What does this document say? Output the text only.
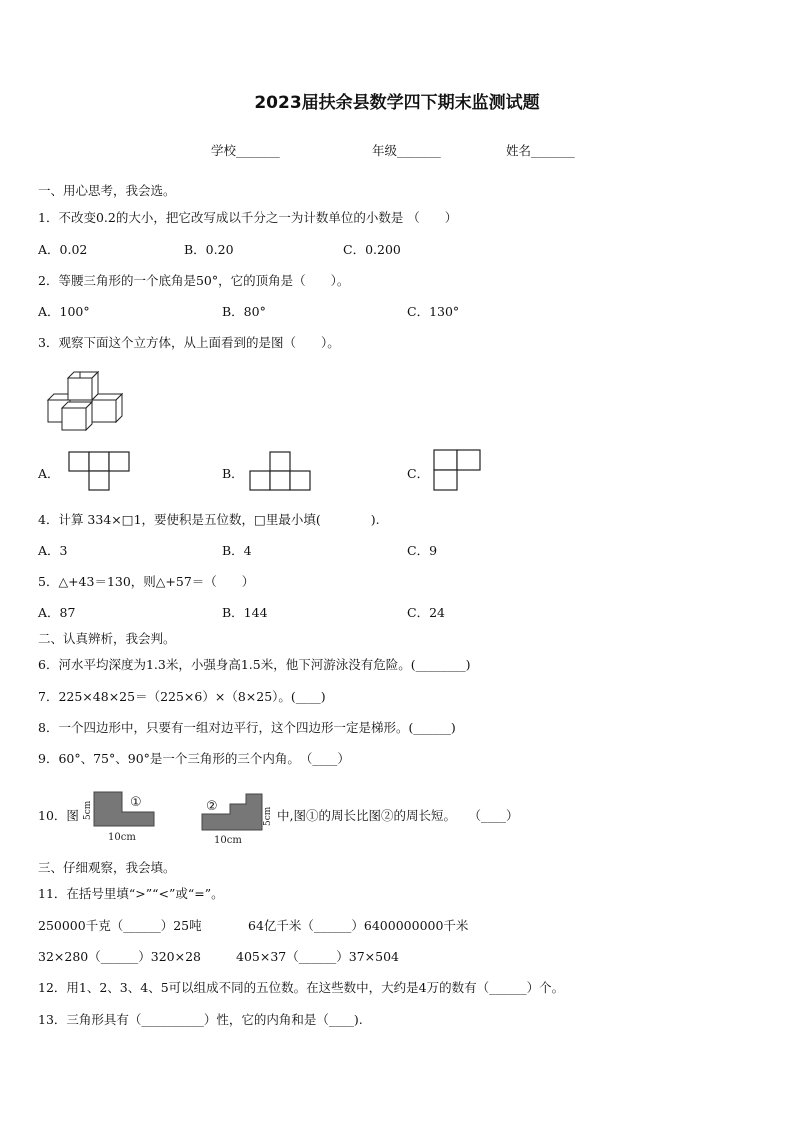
2023届扶余县数学四下期末监测试题
学校_______	年级_______	姓名_______
一、用心思考，我会选。
1．不改变0.2的大小，把它改写成以千分之一为计数单位的小数是 （　　）
A．0.02	B．0.20	C．0.200
2．等腰三角形的一个底角是50°，它的顶角是（　　）。
A．100°	B．80°	C．130°
3．观察下面这个立方体，从上面看到的是图（　　）。
A．	B．	C．
4．计算 334×□1，要使积是五位数，□里最小填(　　　　).
A．3	B．4	C．9
5．△+43＝130，则△+57＝（　　）
A．87	B．144	C．24
二、认真辨析，我会判。
6．河水平均深度为1.3米，小强身高1.5米，他下河游泳没有危险。(________)
7．225×48×25＝（225×6）×（8×25）。(____)
8．一个四边形中，只要有一组对边平行，这个四边形一定是梯形。(______)
9．60°、75°、90°是一个三角形的三个内角。　（____）
10．图 5cm	①
10cm
②
5cm
10cm
中,图①的周长比图②的周长短。　　（____）
三、仔细观察，我会填。
11．在括号里填“>”“<”或“=”。
250000千克（______）25吨	64亿千米（______）6400000000千米
32×280（______）320×28	405×37（______）37×504
12．用1、2、3、4、5可以组成不同的五位数。在这些数中，大约是4万的数有（______）个。
13．三角形具有（__________）性，它的内角和是（____).
